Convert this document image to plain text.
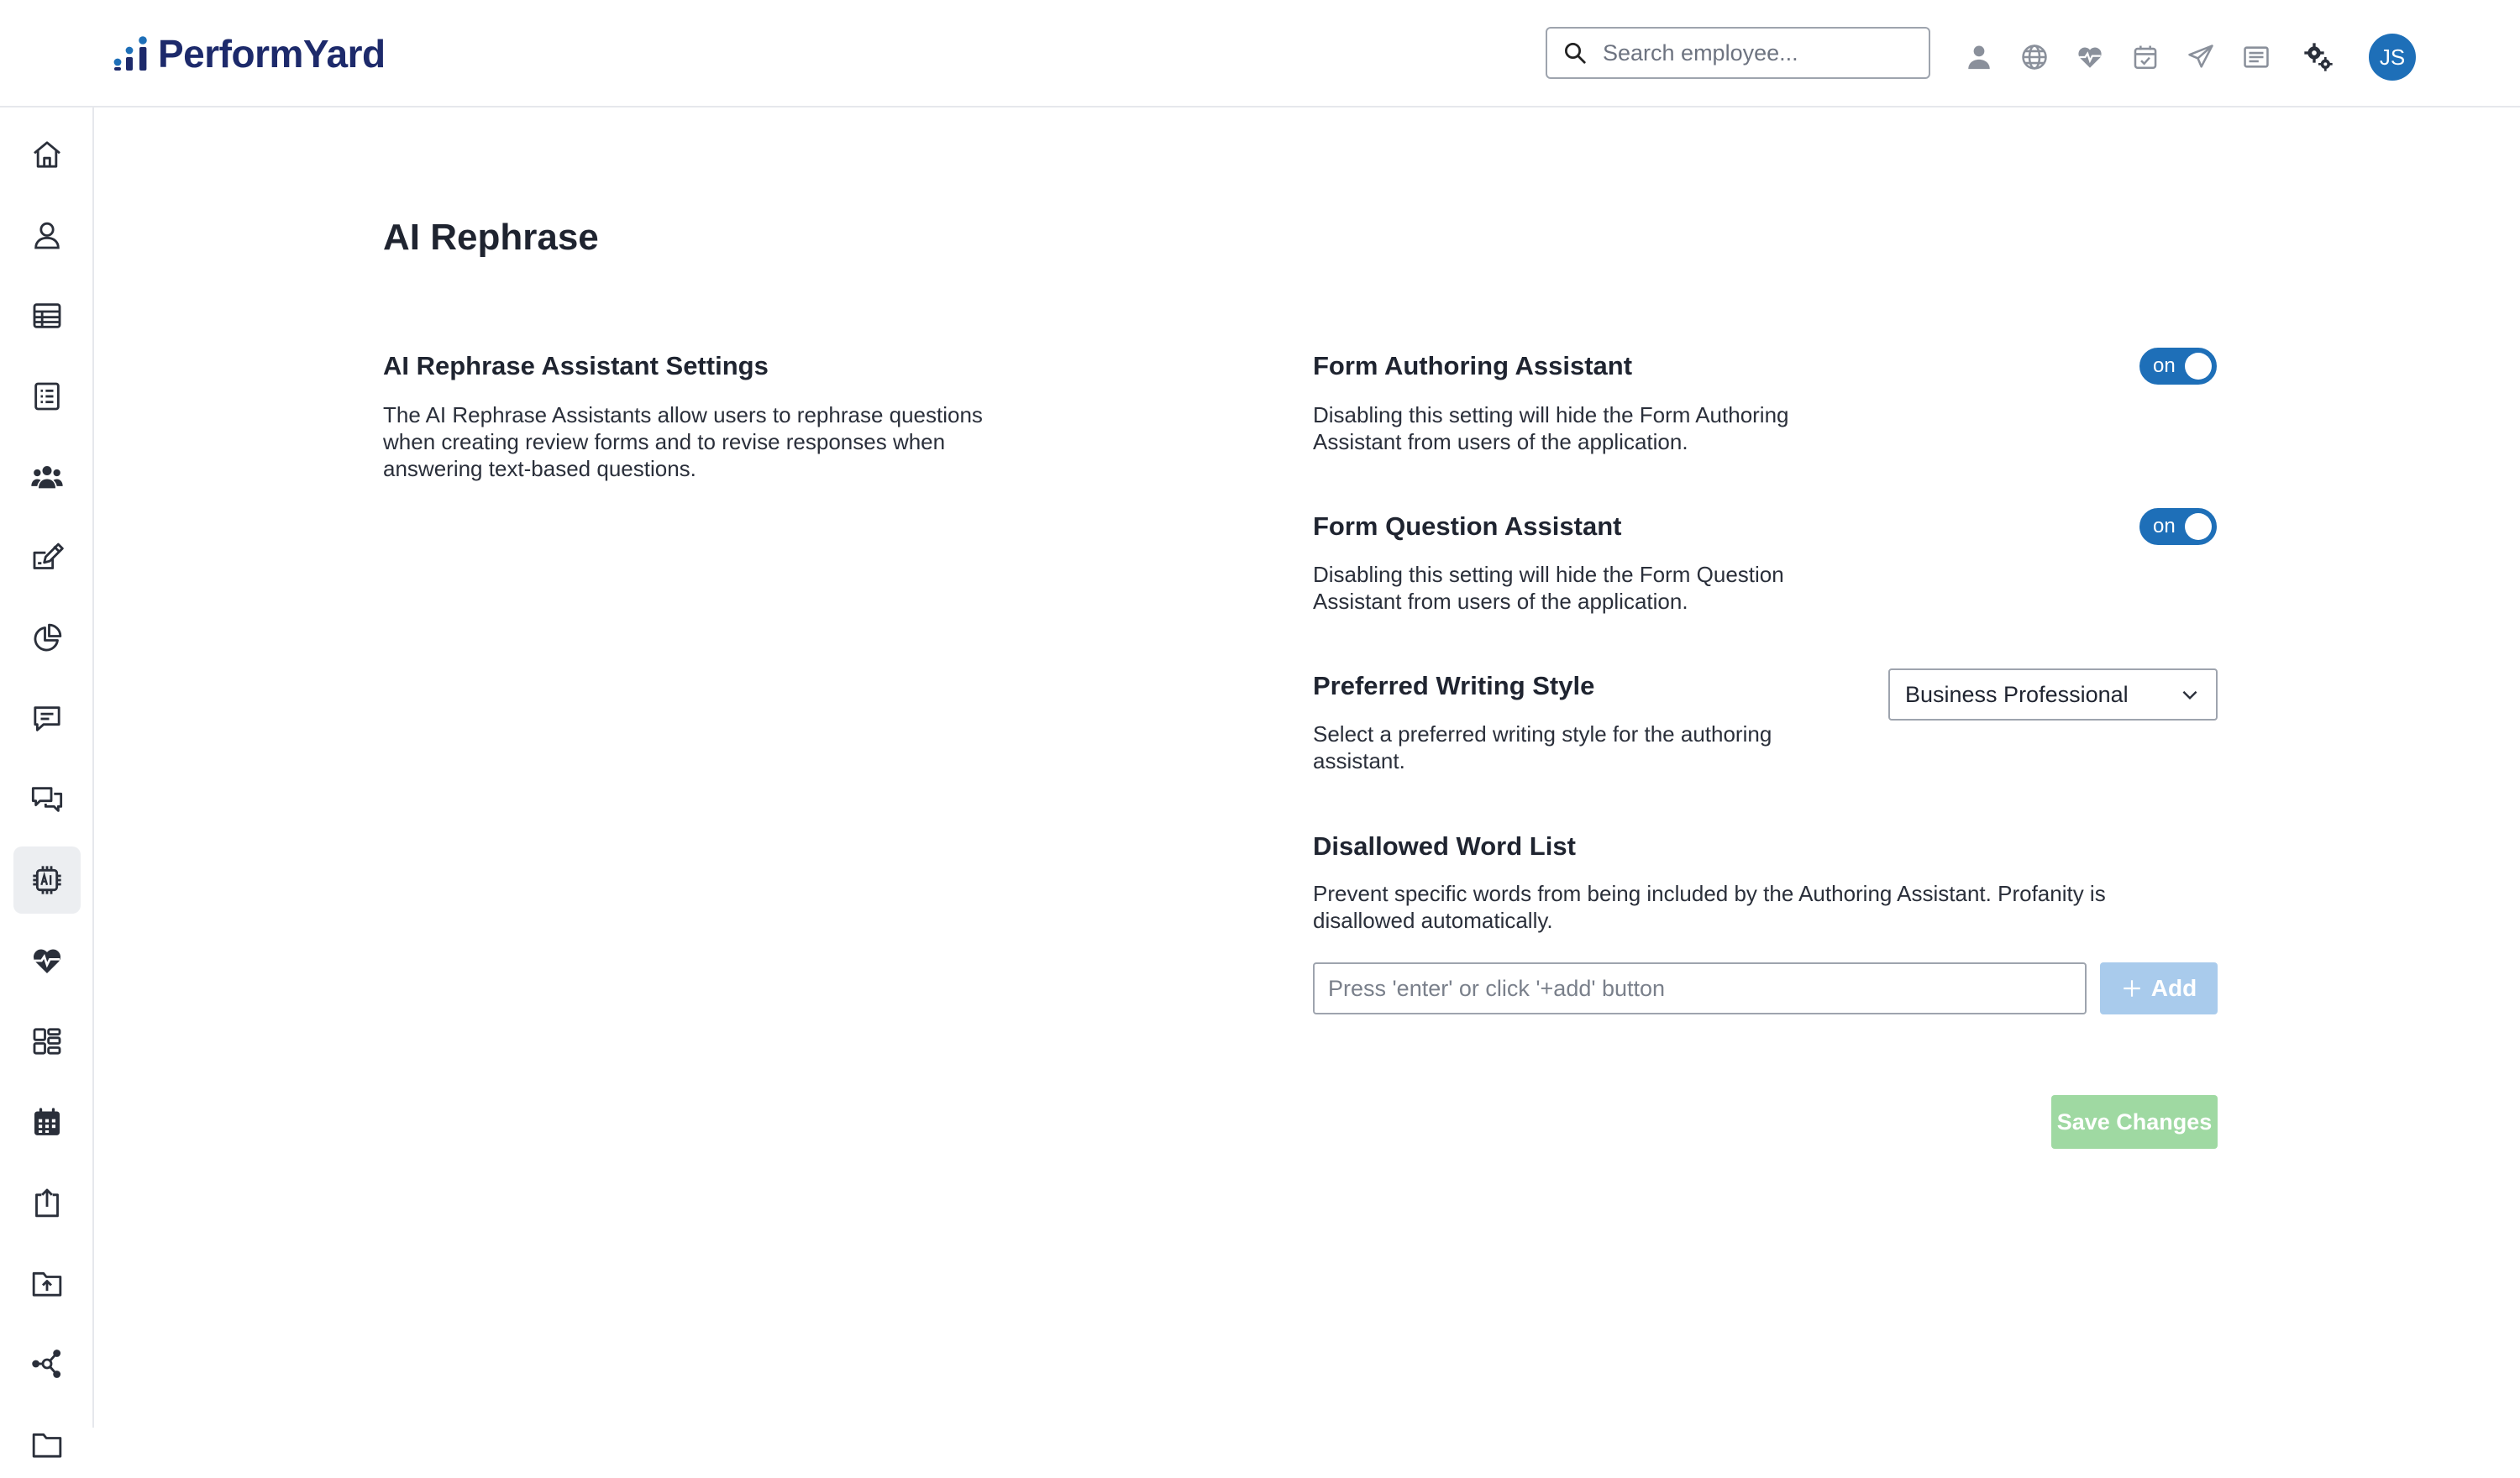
PerformYard
Search employee...	JS
AI Rephrase
AI Rephrase Assistant Settings
The AI Rephrase Assistants allow users to rephrase questions
when creating review forms and to revise responses when
answering text-based questions.
Form Authoring Assistant
Disabling this setting will hide the Form Authoring
Assistant from users of the application.
on
Form Question Assistant
Disabling this setting will hide the Form Question
Assistant from users of the application.
on
Preferred Writing Style
Select a preferred writing style for the authoring
assistant.
Business Professional
Disallowed Word List
Prevent specific words from being included by the Authoring Assistant. Profanity is
disallowed automatically.
Press 'enter' or click '+add' button
Add
Save Changes
